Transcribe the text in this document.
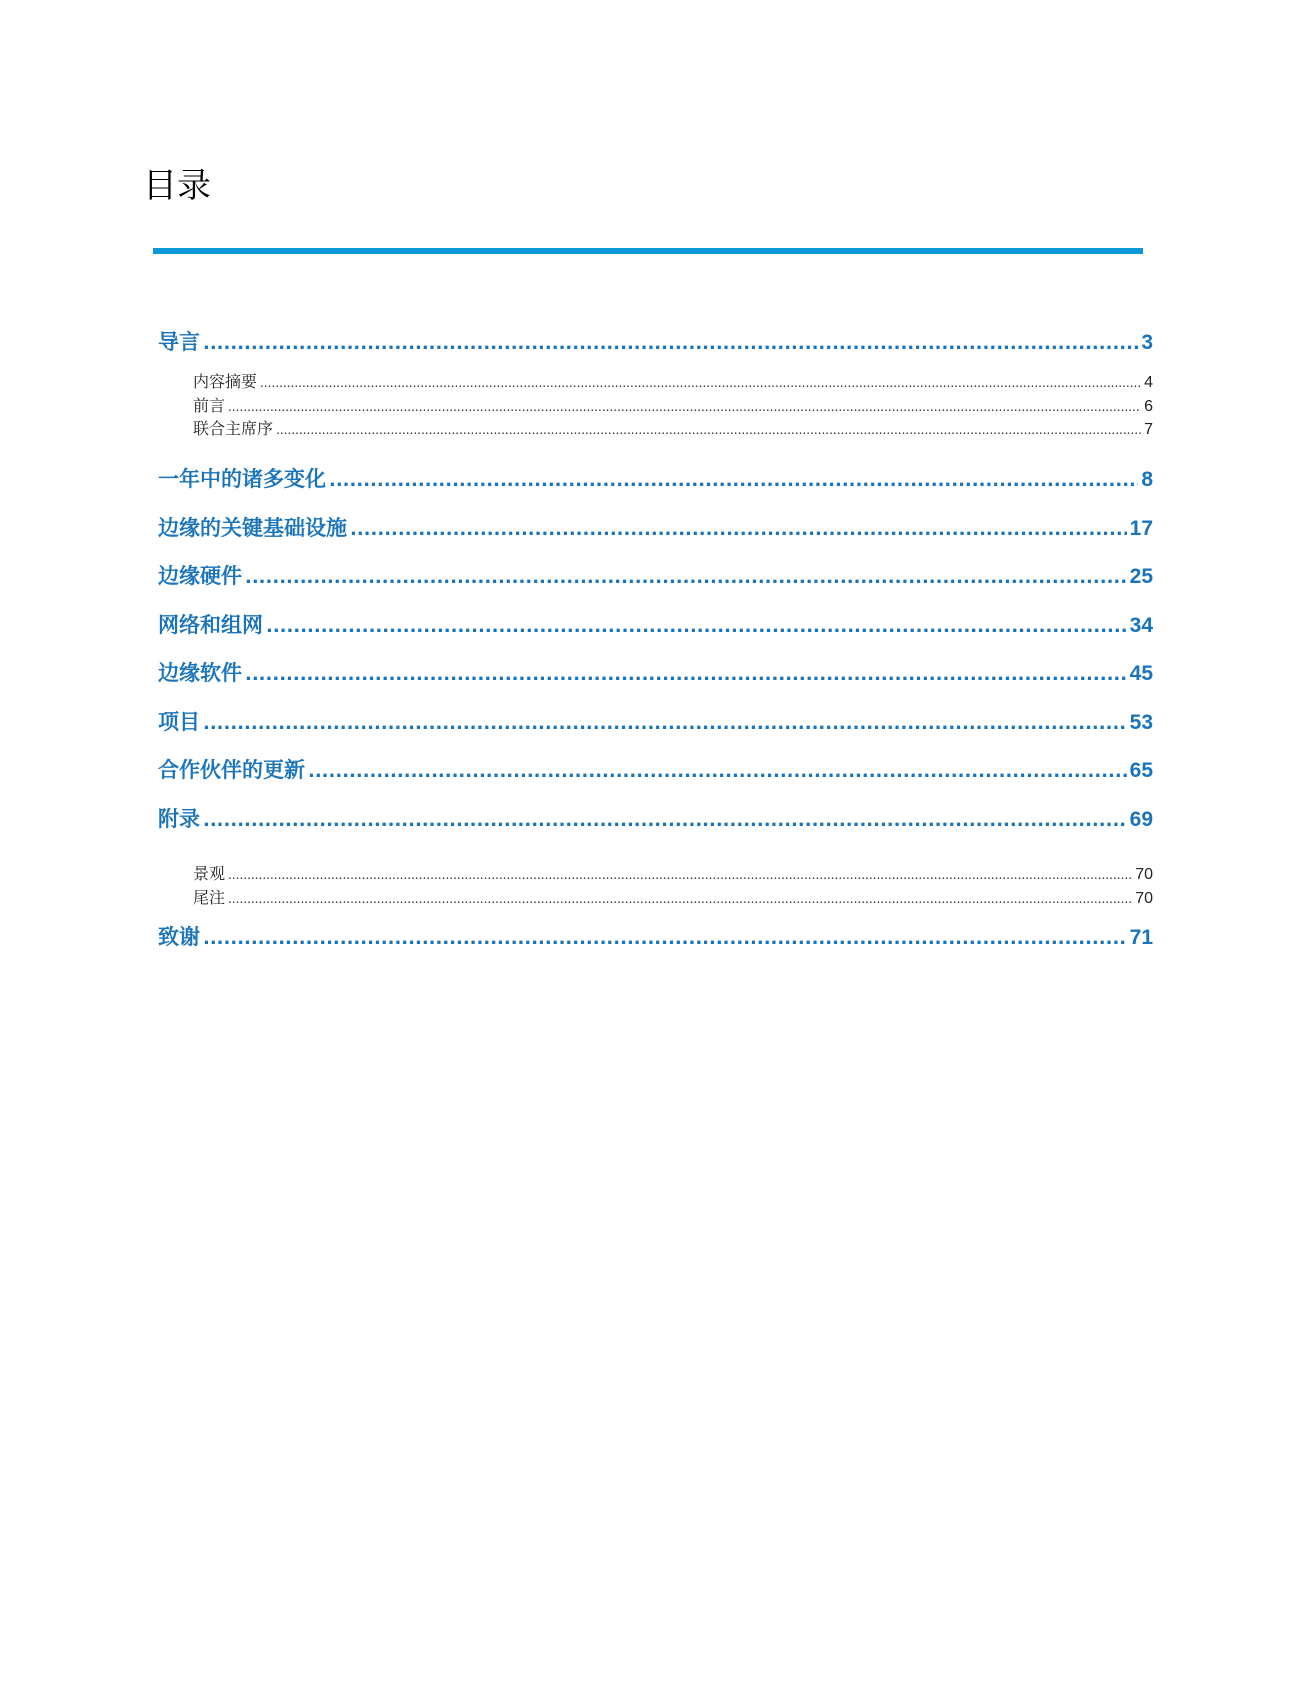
目录
导言 .....	3
内容摘要 .....	4
前言 .....	6
联合主席序 .....	7
一年中的诸多变化 .....	8
边缘的关键基础设施 .....	17
边缘硬件 .....	25
网络和组网 .....	34
边缘软件 .....	45
项目 .....	53
合作伙伴的更新 .....	65
附录 .....	69
景观 .....	70
尾注 .....	70
致谢 .....	71
